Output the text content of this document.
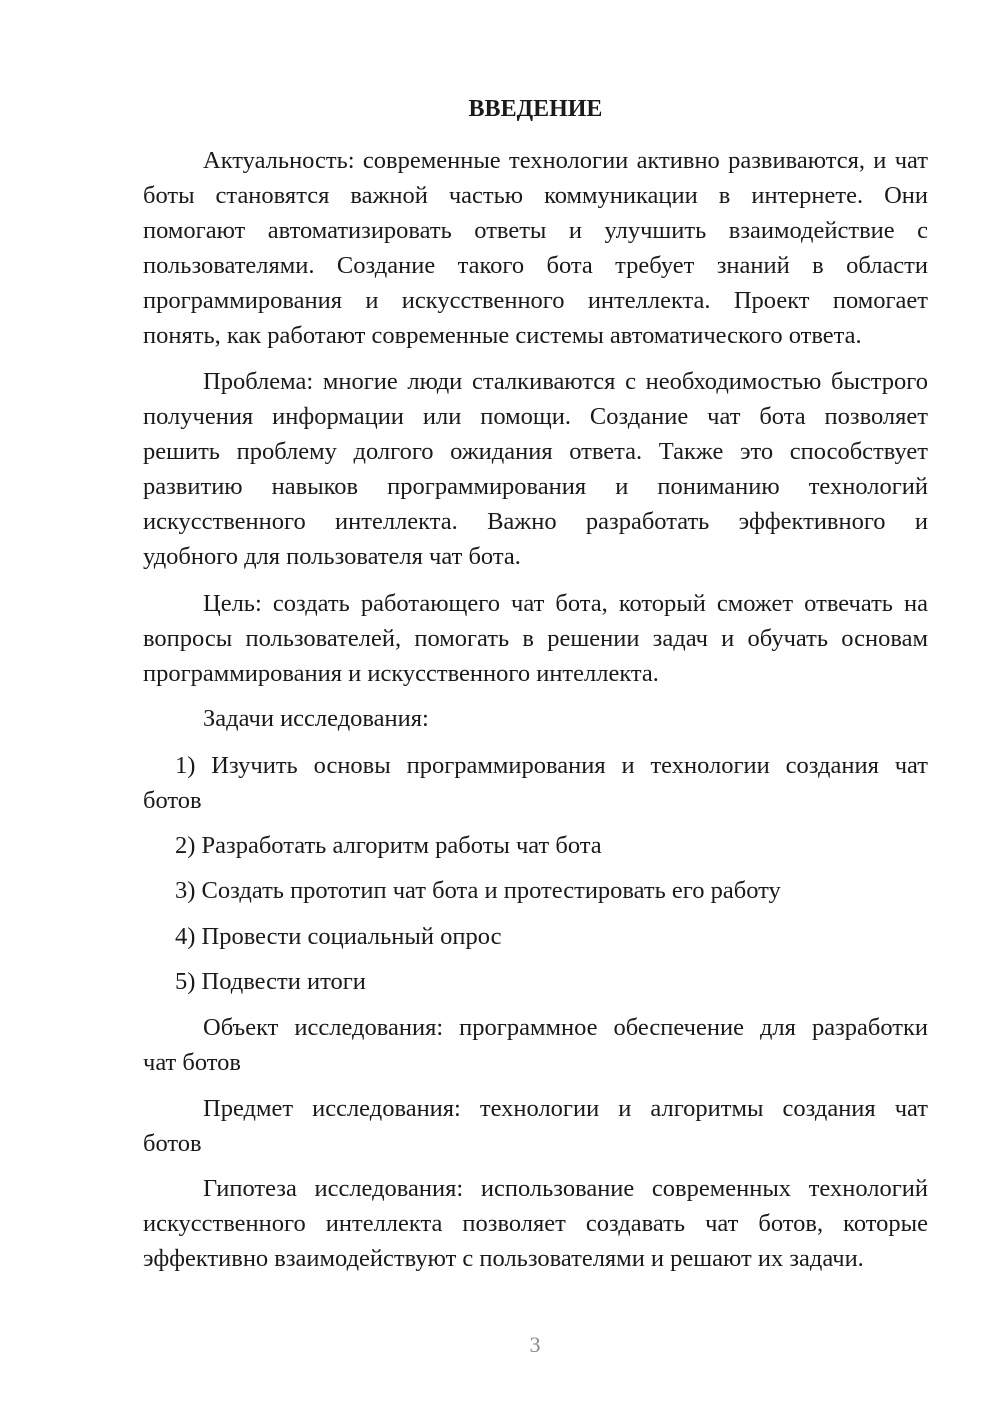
ВВЕДЕНИЕ
Актуальность: современные технологии активно развиваются, и чат
боты становятся важной частью коммуникации в интернете. Они
помогают автоматизировать ответы и улучшить взаимодействие с
пользователями. Создание такого бота требует знаний в области
программирования и искусственного интеллекта. Проект помогает
понять, как работают современные системы автоматического ответа.
Проблема: многие люди сталкиваются с необходимостью быстрого
получения информации или помощи. Создание чат бота позволяет
решить проблему долгого ожидания ответа. Также это способствует
развитию навыков программирования и пониманию технологий
искусственного интеллекта. Важно разработать эффективного и
удобного для пользователя чат бота.
Цель: создать работающего чат бота, который сможет отвечать на
вопросы пользователей, помогать в решении задач и обучать основам
программирования и искусственного интеллекта.
Задачи исследования:
1) Изучить основы программирования и технологии создания чат
ботов
2) Разработать алгоритм работы чат бота
3) Создать прототип чат бота и протестировать его работу
4) Провести социальный опрос
5) Подвести итоги
Объект исследования: программное обеспечение для разработки
чат ботов
Предмет исследования: технологии и алгоритмы создания чат
ботов
Гипотеза исследования: использование современных технологий
искусственного интеллекта позволяет создавать чат ботов, которые
эффективно взаимодействуют с пользователями и решают их задачи.
3
